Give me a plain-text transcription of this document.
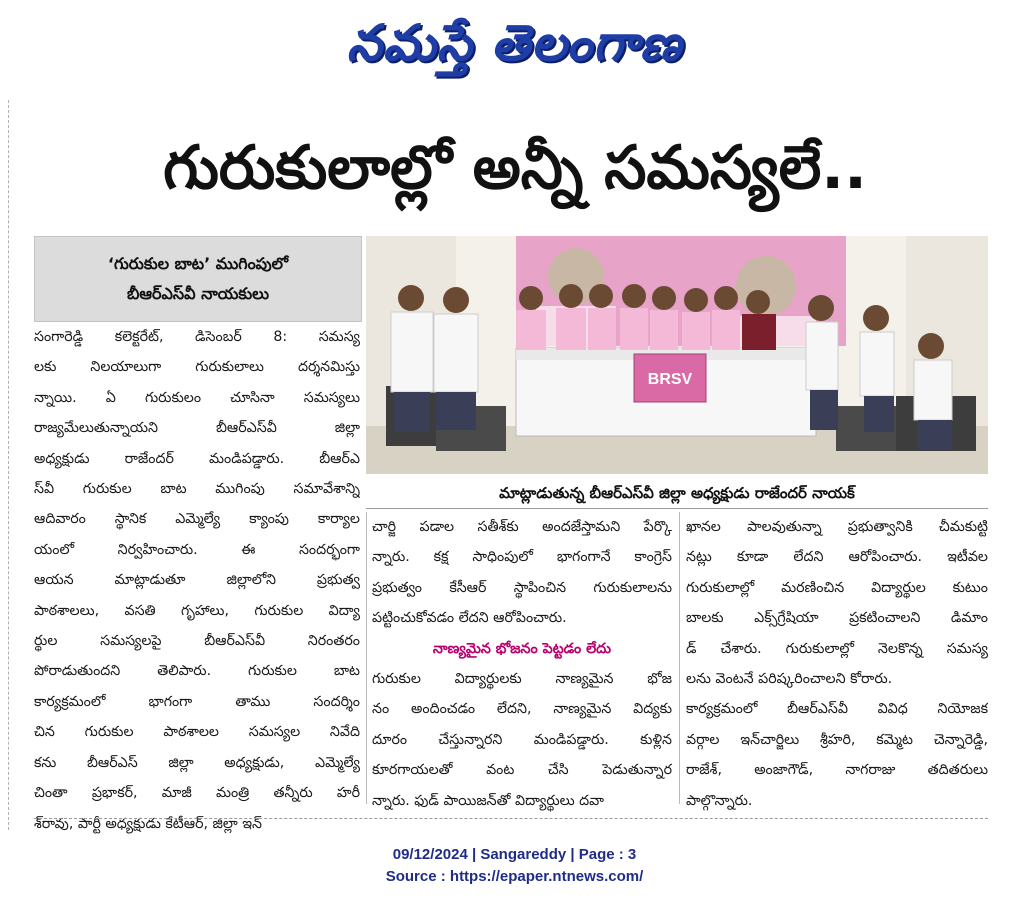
నమస్తే తెలంగాణ
గురుకులాల్లో అన్నీ సమస్యలే..
‘గురుకుల బాట’ ముగింపులో
బీఆర్‌ఎస్‌వీ నాయకులు
BRSV
మాట్లాడుతున్న బీఆర్‌ఎస్‌వీ జిల్లా అధ్యక్షుడు రాజేందర్ నాయక్
సంగారెడ్డి కలెక్టరేట్, డిసెంబర్ 8: సమస్య
లకు నిలయాలుగా గురుకులాలు దర్శనమిస్తు
న్నాయి. ఏ గురుకులం చూసినా సమస్యలు
రాజ్యమేలుతున్నాయని బీఆర్‌ఎస్‌వీ జిల్లా
అధ్యక్షుడు రాజేందర్ మండిపడ్డారు. బీఆర్‌ఎ
స్‌వీ గురుకుల బాట ముగింపు సమావేశాన్ని
ఆదివారం స్థానిక ఎమ్మెల్యే క్యాంపు కార్యాల
యంలో నిర్వహించారు. ఈ సందర్భంగా
ఆయన మాట్లాడుతూ జిల్లాలోని ప్రభుత్వ
పాఠశాలలు, వసతి గృహాలు, గురుకుల విద్యా
ర్థుల సమస్యలపై బీఆర్‌ఎస్‌వీ నిరంతరం
పోరాడుతుందని తెలిపారు. గురుకుల బాట
కార్యక్రమంలో భాగంగా తాము సందర్శిం
చిన గురుకుల పాఠశాలల సమస్యల నివేది
కను బీఆర్‌ఎస్ జిల్లా అధ్యక్షుడు, ఎమ్మెల్యే
చింతా ప్రభాకర్, మాజీ మంత్రి తన్నీరు హరీ
శ్‌రావు, పార్టీ అధ్యక్షుడు కేటీఆర్, జిల్లా ఇన్
చార్జి పడాల సతీశ్‌కు అందజేస్తామని పేర్కొ
న్నారు. కక్ష సాధింపులో భాగంగానే కాంగ్రెస్
ప్రభుత్వం కేసీఆర్ స్థాపించిన గురుకులాలను
పట్టించుకోవడం లేదని ఆరోపించారు.
నాణ్యమైన భోజనం పెట్టడం లేదు
గురుకుల విద్యార్థులకు నాణ్యమైన భోజ
నం అందించడం లేదని, నాణ్యమైన విద్యకు
దూరం చేస్తున్నారని మండిపడ్డారు. కుళ్లిన
కూరగాయలతో వంట చేసి పెడుతున్నార
న్నారు. ఫుడ్ పాయిజన్‌తో విద్యార్థులు దవా
ఖానల పాలవుతున్నా ప్రభుత్వానికి చీమకుట్టి
నట్లు కూడా లేదని ఆరోపించారు. ఇటీవల
గురుకులాల్లో మరణించిన విద్యార్థుల కుటుం
బాలకు ఎక్స్‌గ్రేషియా ప్రకటించాలని డిమాం
డ్ చేశారు. గురుకులాల్లో నెలకొన్న సమస్య
లను వెంటనే పరిష్కరించాలని కోరారు.
కార్యక్రమంలో బీఆర్‌ఎస్‌వీ వివిధ నియోజక
వర్గాల ఇన్‌చార్జిలు శ్రీహరి, కమ్మెట చెన్నారెడ్డి,
రాజేశ్, అంజాగౌడ్, నాగరాజు తదితరులు
పాల్గొన్నారు.
09/12/2024 | Sangareddy | Page : 3
Source : https://epaper.ntnews.com/
